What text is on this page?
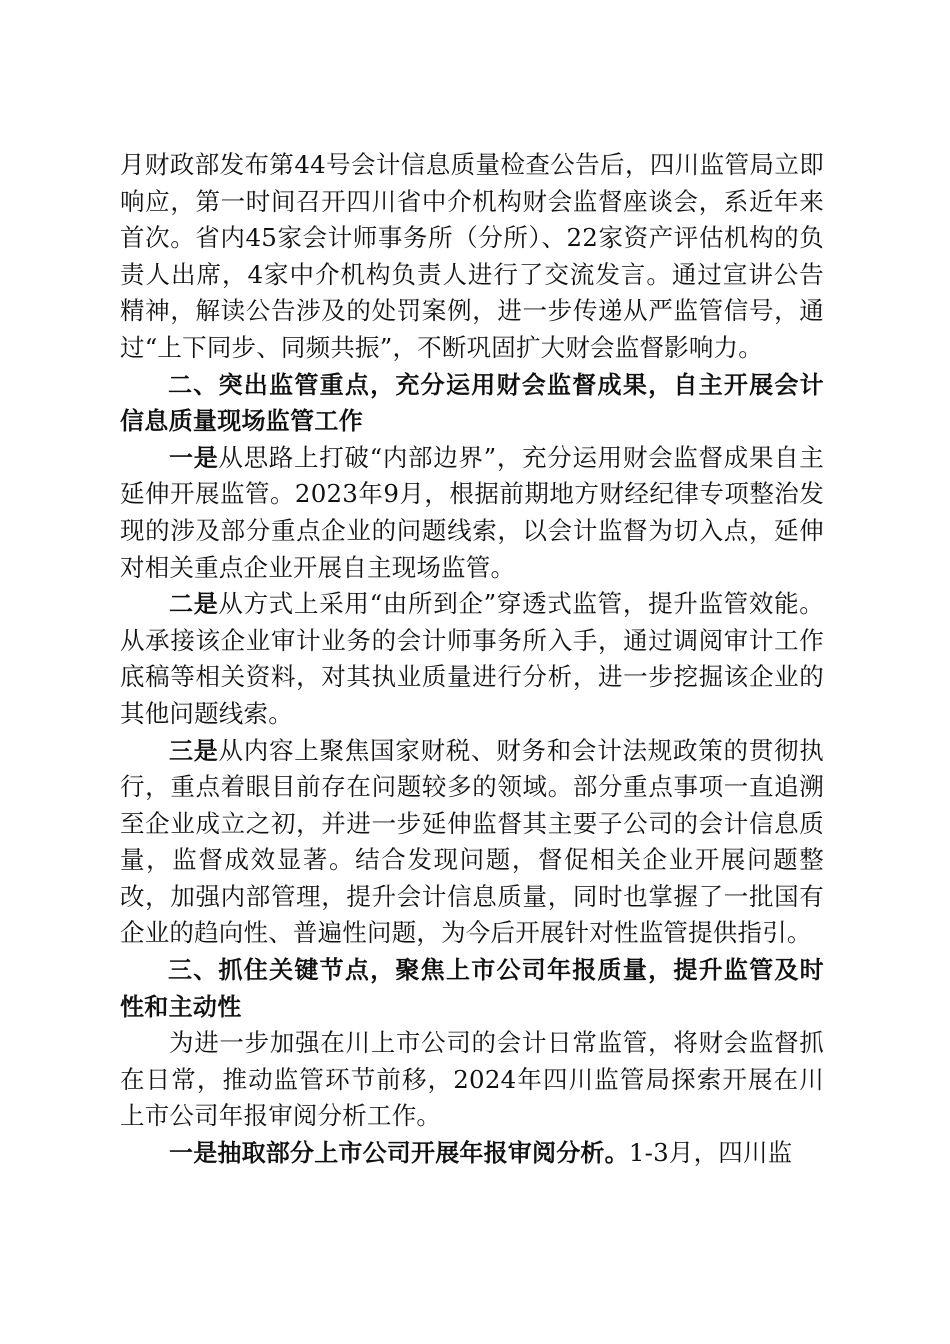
月财政部发布第44号会计信息质量检查公告后，四川监管局立即响应，第一时间召开四川省中介机构财会监督座谈会，系近年来首次。省内45家会计师事务所（分所）、22家资产评估机构的负责人出席，4家中介机构负责人进行了交流发言。通过宣讲公告精神，解读公告涉及的处罚案例，进一步传递从严监管信号，通过“上下同步、同频共振”，不断巩固扩大财会监督影响力。

二、突出监管重点，充分运用财会监督成果，自主开展会计信息质量现场监管工作

一是从思路上打破“内部边界”，充分运用财会监督成果自主延伸开展监管。2023年9月，根据前期地方财经纪律专项整治发现的涉及部分重点企业的问题线索，以会计监督为切入点，延伸对相关重点企业开展自主现场监管。

二是从方式上采用“由所到企”穿透式监管，提升监管效能。从承接该企业审计业务的会计师事务所入手，通过调阅审计工作底稿等相关资料，对其执业质量进行分析，进一步挖掘该企业的其他问题线索。

三是从内容上聚焦国家财税、财务和会计法规政策的贯彻执行，重点着眼目前存在问题较多的领域。部分重点事项一直追溯至企业成立之初，并进一步延伸监督其主要子公司的会计信息质量，监督成效显著。结合发现问题，督促相关企业开展问题整改，加强内部管理，提升会计信息质量，同时也掌握了一批国有企业的趋向性、普遍性问题，为今后开展针对性监管提供指引。

三、抓住关键节点，聚焦上市公司年报质量，提升监管及时性和主动性

为进一步加强在川上市公司的会计日常监管，将财会监督抓在日常，推动监管环节前移，2024年四川监管局探索开展在川上市公司年报审阅分析工作。

一是抽取部分上市公司开展年报审阅分析。1-3月，四川监
